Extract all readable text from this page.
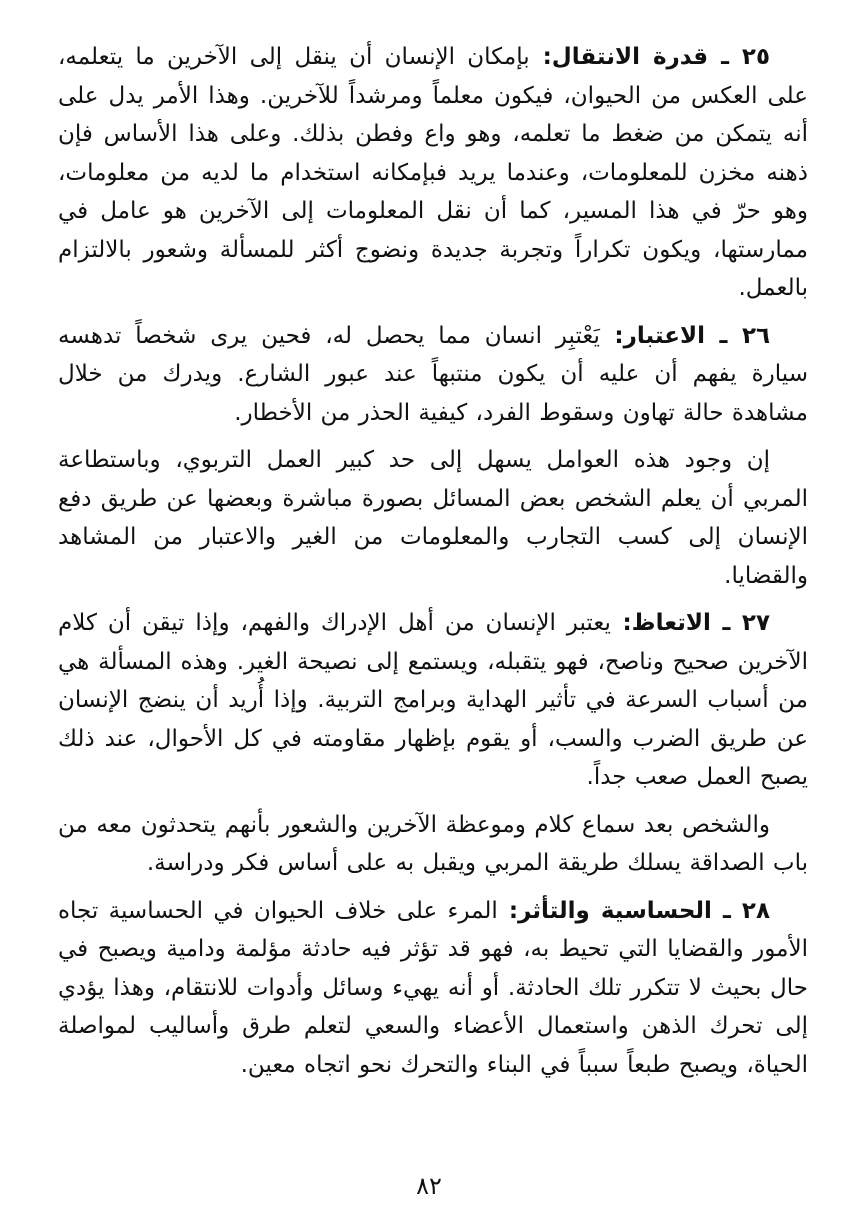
٢٥ ـ قدرة الانتقال: بإمكان الإنسان أن ينقل إلى الآخرين ما يتعلمه، على العكس من الحيوان، فيكون معلماً ومرشداً للآخرين. وهذا الأمر يدل على أنه يتمكن من ضغط ما تعلمه، وهو واع وفطن بذلك. وعلى هذا الأساس فإن ذهنه مخزن للمعلومات، وعندما يريد فبإمكانه استخدام ما لديه من معلومات، وهو حرّ في هذا المسير، كما أن نقل المعلومات إلى الآخرين هو عامل في ممارستها، ويكون تكراراً وتجربة جديدة ونضوج أكثر للمسألة وشعور بالالتزام بالعمل.

٢٦ ـ الاعتبار: يَعْتبِر انسان مما يحصل له، فحين يرى شخصاً تدهسه سيارة يفهم أن عليه أن يكون منتبهاً عند عبور الشارع. ويدرك من خلال مشاهدة حالة تهاون وسقوط الفرد، كيفية الحذر من الأخطار.

إن وجود هذه العوامل يسهل إلى حد كبير العمل التربوي، وباستطاعة المربي أن يعلم الشخص بعض المسائل بصورة مباشرة وبعضها عن طريق دفع الإنسان إلى كسب التجارب والمعلومات من الغير والاعتبار من المشاهد والقضايا.

٢٧ ـ الاتعاظ: يعتبر الإنسان من أهل الإدراك والفهم، وإذا تيقن أن كلام الآخرين صحيح وناصح، فهو يتقبله، ويستمع إلى نصيحة الغير. وهذه المسألة هي من أسباب السرعة في تأثير الهداية وبرامج التربية. وإذا أُريد أن ينضج الإنسان عن طريق الضرب والسب، أو يقوم بإظهار مقاومته في كل الأحوال، عند ذلك يصبح العمل صعب جداً.

والشخص بعد سماع كلام وموعظة الآخرين والشعور بأنهم يتحدثون معه من باب الصداقة يسلك طريقة المربي ويقبل به على أساس فكر ودراسة.

٢٨ ـ الحساسية والتأثر: المرء على خلاف الحيوان في الحساسية تجاه الأمور والقضايا التي تحيط به، فهو قد تؤثر فيه حادثة مؤلمة ودامية ويصبح في حال بحيث لا تتكرر تلك الحادثة. أو أنه يهيء وسائل وأدوات للانتقام، وهذا يؤدي إلى تحرك الذهن واستعمال الأعضاء والسعي لتعلم طرق وأساليب لمواصلة الحياة، ويصبح طبعاً سبباً في البناء والتحرك نحو اتجاه معين.

٨٢
